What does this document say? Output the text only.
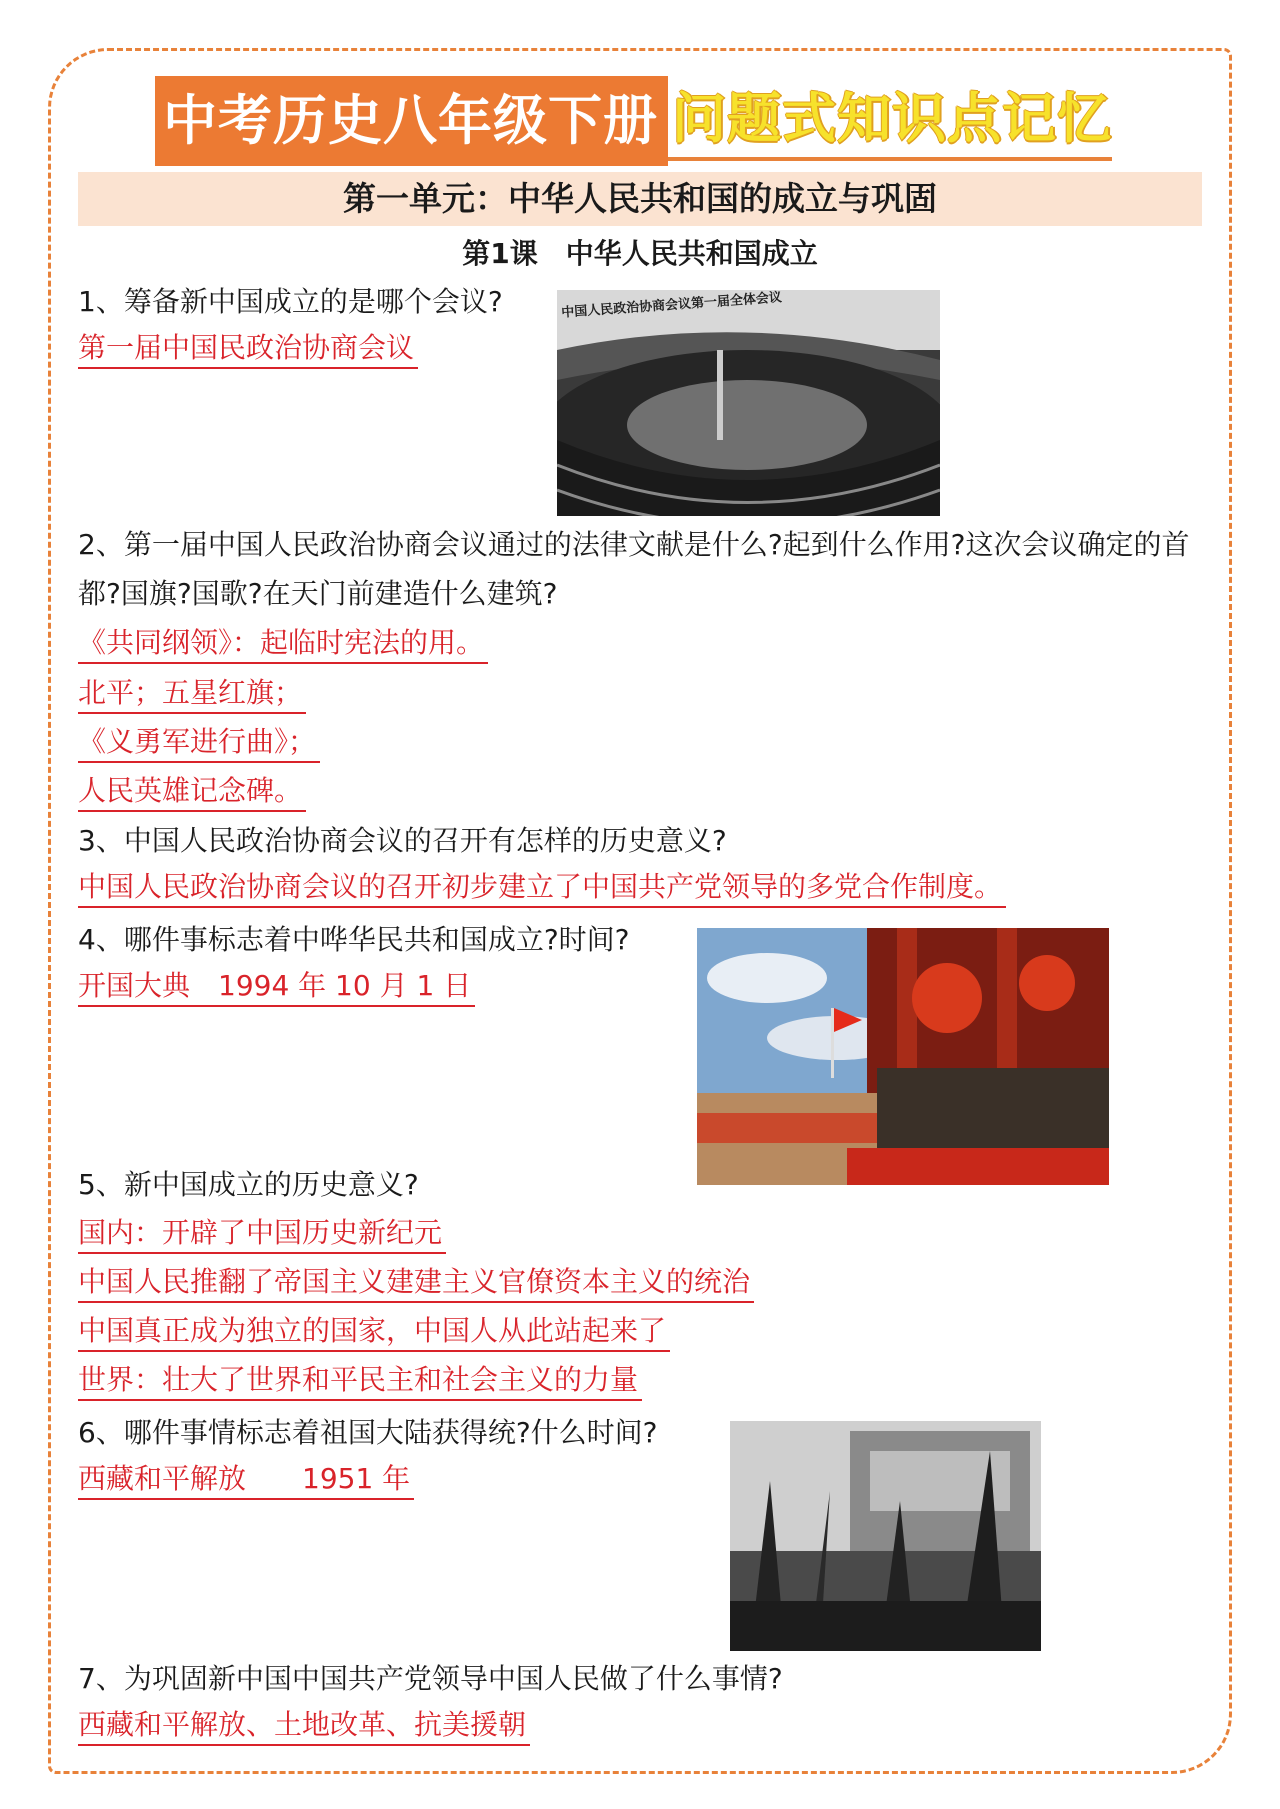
中考历史八年级下册 问题式知识点记忆
第一单元：中华人民共和国的成立与巩固
第1课　中华人民共和国成立
1、筹备新中国成立的是哪个会议?
第一届中国民政治协商会议
中国人民政治协商会议第一届全体会议
2、第一届中国人民政治协商会议通过的法律文献是什么?起到什么作用?这次会议确定的首都?国旗?国歌?在天门前建造什么建筑?
《共同纲领》：起临时宪法的用。
北平；五星红旗；
《义勇军进行曲》；
人民英雄记念碑。
3、中国人民政治协商会议的召开有怎样的历史意义?
中国人民政治协商会议的召开初步建立了中国共产党领导的多党合作制度。
4、哪件事标志着中哗华民共和国成立?时间?
开国大典　1994 年 10 月 1 日
5、新中国成立的历史意义?
国内：开辟了中国历史新纪元
中国人民推翻了帝国主义建建主义官僚资本主义的统治
中国真正成为独立的国家，中国人从此站起来了
世界：壮大了世界和平民主和社会主义的力量
6、哪件事情标志着祖国大陆获得统?什么时间?
西藏和平解放　　1951 年
7、为巩固新中国中国共产党领导中国人民做了什么事情?
西藏和平解放、土地改革、抗美援朝
